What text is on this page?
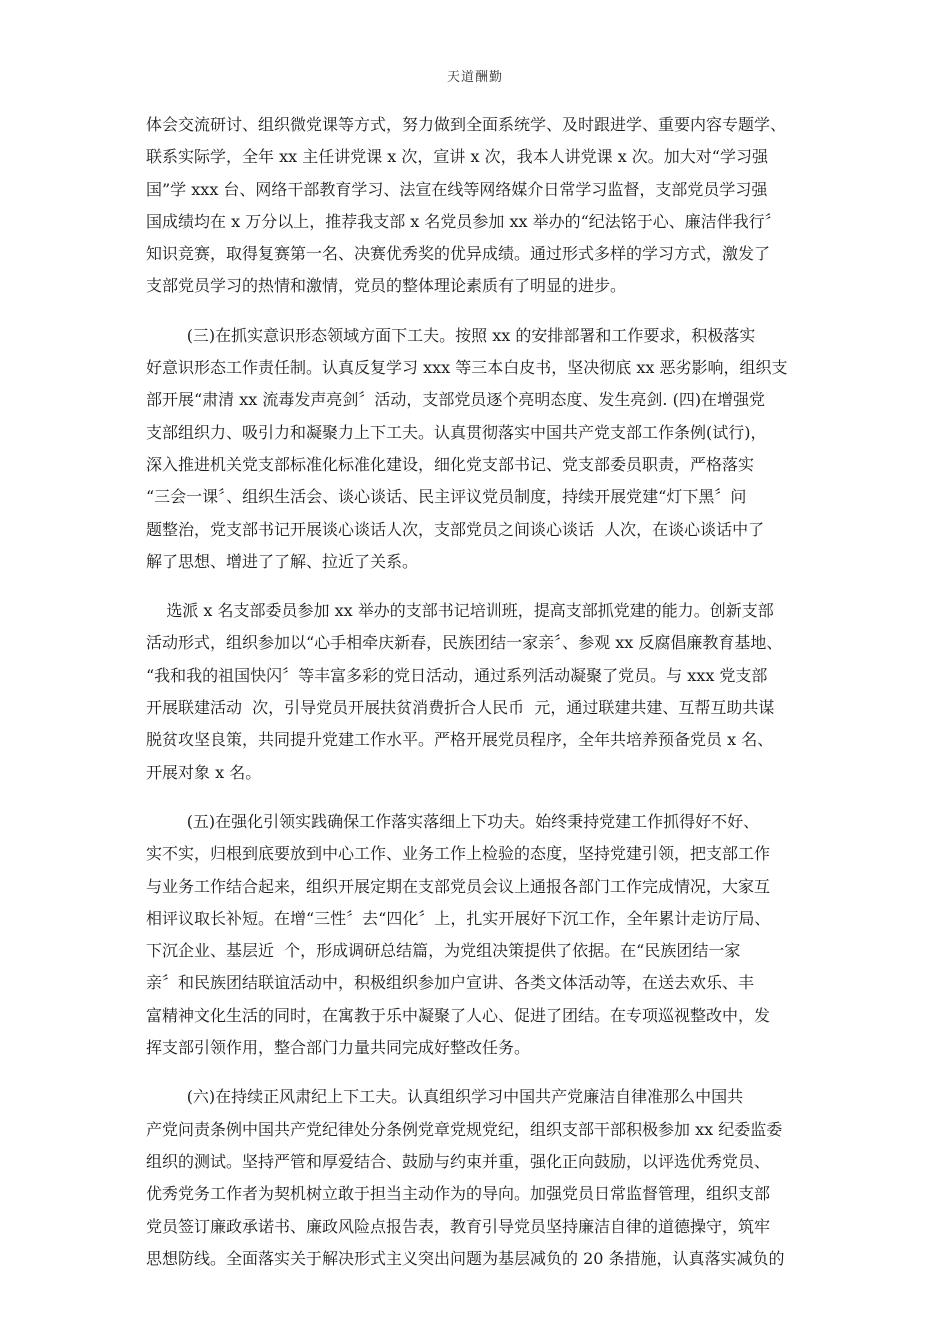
天道酬勤

体会交流研讨、组织微党课等方式，努力做到全面系统学、及时跟进学、重要内容专题学、
联系实际学，全年 xx 主任讲党课 x 次，宣讲 x 次，我本人讲党课 x 次。加大对“学习强
国”学 xxx 台、网络干部教育学习、法宣在线等网络媒介日常学习监督，支部党员学习强
国成绩均在 x 万分以上，推荐我支部 x 名党员参加 xx 举办的“纪法铭于心、廉洁伴我行〞
知识竞赛，取得复赛第一名、决赛优秀奖的优异成绩。通过形式多样的学习方式，激发了
支部党员学习的热情和激情，党员的整体理论素质有了明显的进步。

(三)在抓实意识形态领域方面下工夫。按照 xx 的安排部署和工作要求，积极落实
好意识形态工作责任制。认真反复学习 xxx 等三本白皮书，坚决彻底 xx 恶劣影响，组织支
部开展“肃清 xx 流毒发声亮剑〞活动，支部党员逐个亮明态度、发生亮剑. (四)在增强党
支部组织力、吸引力和凝聚力上下工夫。认真贯彻落实中国共产党支部工作条例(试行)，
深入推进机关党支部标准化标准化建设，细化党支部书记、党支部委员职责，严格落实
“三会一课〞、组织生活会、谈心谈话、民主评议党员制度，持续开展党建“灯下黑〞问
题整治，党支部书记开展谈心谈话人次，支部党员之间谈心谈话  人次，在谈心谈话中了
解了思想、增进了了解、拉近了关系。

选派 x 名支部委员参加 xx 举办的支部书记培训班，提高支部抓党建的能力。创新支部
活动形式，组织参加以“心手相牵庆新春，民族团结一家亲〞、参观 xx 反腐倡廉教育基地、
“我和我的祖国快闪〞等丰富多彩的党日活动，通过系列活动凝聚了党员。与 xxx 党支部
开展联建活动  次，引导党员开展扶贫消费折合人民币  元，通过联建共建、互帮互助共谋
脱贫攻坚良策，共同提升党建工作水平。严格开展党员程序，全年共培养预备党员 x 名、
开展对象 x 名。

(五)在强化引领实践确保工作落实落细上下功夫。始终秉持党建工作抓得好不好、
实不实，归根到底要放到中心工作、业务工作上检验的态度，坚持党建引领，把支部工作
与业务工作结合起来，组织开展定期在支部党员会议上通报各部门工作完成情况，大家互
相评议取长补短。在增“三性〞去“四化〞上，扎实开展好下沉工作，全年累计走访厅局、
下沉企业、基层近  个，形成调研总结篇，为党组决策提供了依据。在“民族团结一家
亲〞和民族团结联谊活动中，积极组织参加户宣讲、各类文体活动等，在送去欢乐、丰
富精神文化生活的同时，在寓教于乐中凝聚了人心、促进了团结。在专项巡视整改中，发
挥支部引领作用，整合部门力量共同完成好整改任务。

(六)在持续正风肃纪上下工夫。认真组织学习中国共产党廉洁自律准那么中国共
产党问责条例中国共产党纪律处分条例党章党规党纪，组织支部干部积极参加 xx 纪委监委
组织的测试。坚持严管和厚爱结合、鼓励与约束并重，强化正向鼓励，以评选优秀党员、
优秀党务工作者为契机树立敢于担当主动作为的导向。加强党员日常监督管理，组织支部
党员签订廉政承诺书、廉政风险点报告表，教育引导党员坚持廉洁自律的道德操守，筑牢
思想防线。全面落实关于解决形式主义突出问题为基层减负的 20 条措施，认真落实减负的
